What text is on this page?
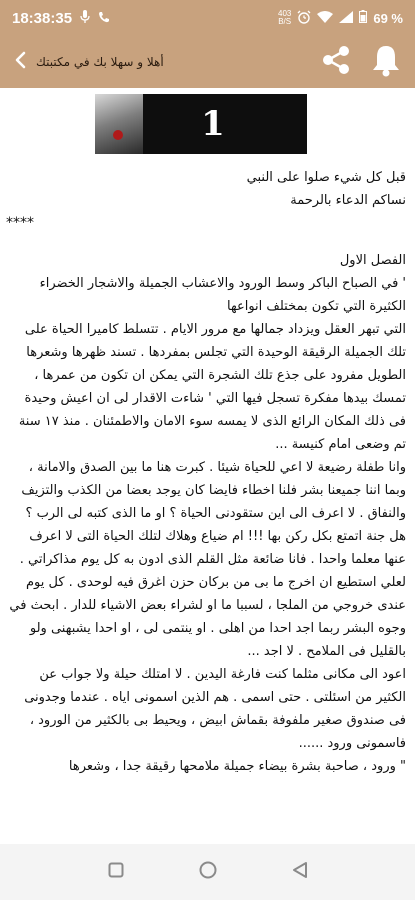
18:38:35	403
B/S	69 %
أهلا و سهلا بك في مكتبتك
1

قبل كل شيء صلوا على النبي

نساكم الدعاء بالرحمة

****

الفصل الاول

' في الصباح الباكر وسط الورود والاعشاب الجميلة والاشجار الخضراء الكثيرة التي تكون بمختلف انواعها

التي تبهر العقل ويزداد جمالها مع مرور الايام . تتسلط كاميرا الحياة على تلك الجميلة الرقيقة الوحيدة التي تجلس بمفردها . تسند ظهرها وشعرها الطويل مفرود على جذع تلك الشجرة التي يمكن ان تكون من عمرها ، تمسك بيدها مفكرة تسجل فيها التي ' شاءت الاقدار لى ان اعيش وحيدة فى ذلك المكان الرائع الذى لا يمسه سوء الامان والاطمئنان . منذ ١٧ سنة تم وضعى امام كنيسة ...

وانا طفلة رضيعة لا اعي للحياة شيئا . كبرت هنا ما بين الصدق والامانة ، وبما اننا جميعنا بشر فلنا اخطاء فايضا كان يوجد بعضا من الكذب والتزيف والنفاق . لا اعرف الى اين ستقودنى الحياة ؟ او ما الذى كتبه لى الرب ؟ هل جنة اتمتع بكل ركن بها !!! ام ضياع وهلاك لتلك الحياة التى لا اعرف عنها معلما واحدا . فانا ضائعة مثل القلم الذى ادون به كل يوم مذاكراتي . لعلي استطيع ان اخرج ما بى من بركان حزن اغرق فيه لوحدى . كل يوم عندى خروجي من الملجا ، لسببا ما او لشراء بعض الاشياء للدار . ابحث في وجوه البشر ربما اجد احدا من اهلى . او ينتمى لى ، او احدا يشبهنى ولو بالقليل فى الملامح . لا اجد ...

اعود الى مكانى مثلما كنت فارغة اليدين . لا امتلك حيلة ولا جواب عن الكثير من اسئلتى . حتى اسمى . هم الذين اسمونى اياه . عندما وجدونى فى صندوق صغير ملفوفة بقماش ابيض ، ويحيط بى بالكثير من الورود ، فاسمونى ورود ......

" ورود ، صاحبة بشرة بيضاء جميلة ملامحها رقيقة جدا ، وشعرها
